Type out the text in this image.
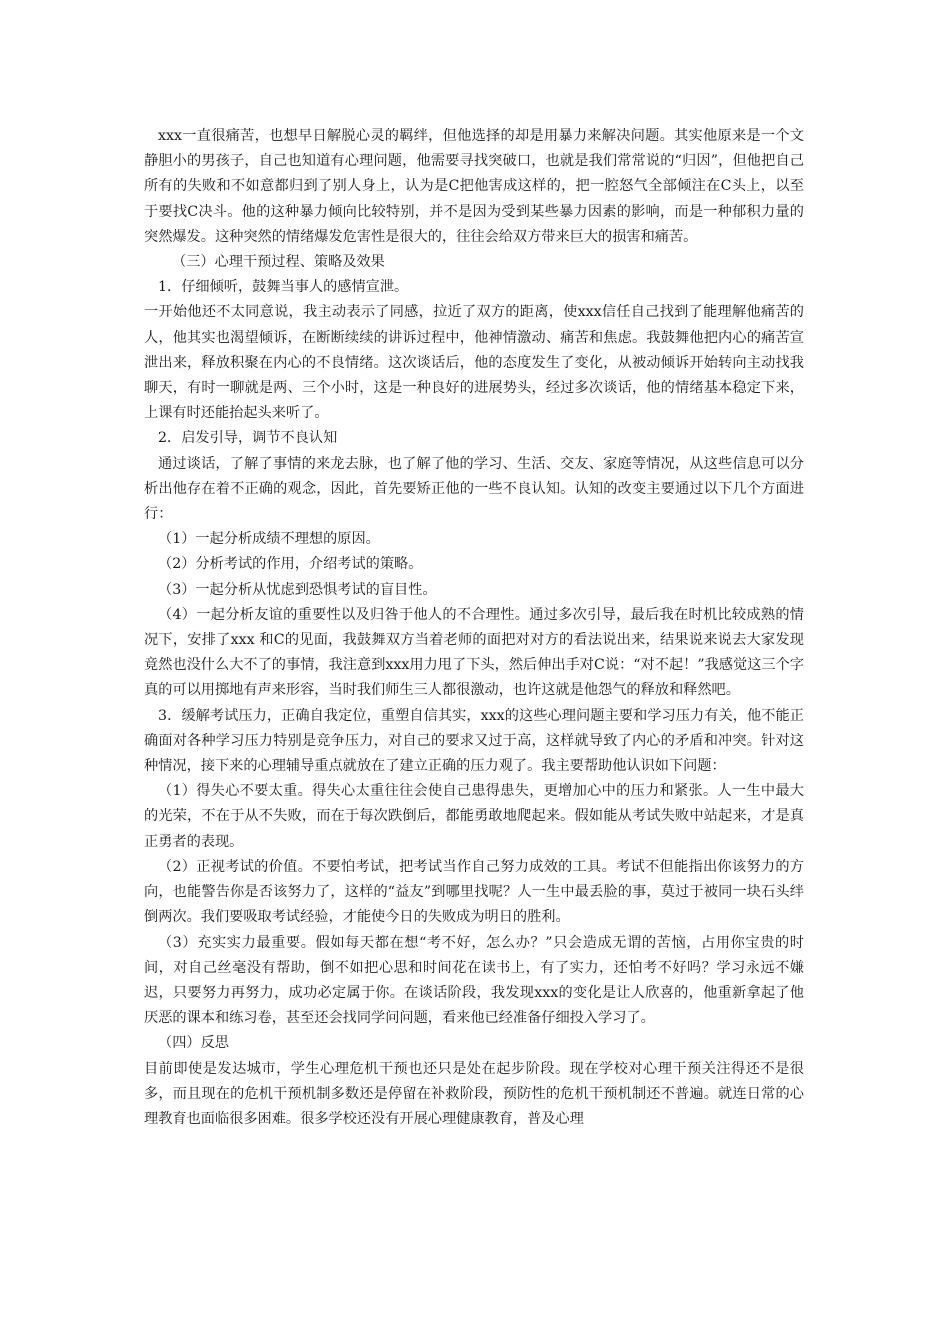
xxx一直很痛苦，也想早日解脱心灵的羁绊，但他选择的却是用暴力来解决问题。其实他原来是一个文静胆小的男孩子，自己也知道有心理问题，他需要寻找突破口，也就是我们常常说的“归因”，但他把自己所有的失败和不如意都归到了别人身上，认为是C把他害成这样的，把一腔怒气全部倾注在C头上，以至于要找C决斗。他的这种暴力倾向比较特别，并不是因为受到某些暴力因素的影响，而是一种郁积力量的突然爆发。这种突然的情绪爆发危害性是很大的，往往会给双方带来巨大的损害和痛苦。

（三）心理干预过程、策略及效果

1．仔细倾听，鼓舞当事人的感情宣泄。

一开始他还不太同意说，我主动表示了同感，拉近了双方的距离，使xxx信任自己找到了能理解他痛苦的人，他其实也渴望倾诉，在断断续续的讲诉过程中，他神情激动、痛苦和焦虑。我鼓舞他把内心的痛苦宣泄出来，释放积聚在内心的不良情绪。这次谈话后，他的态度发生了变化，从被动倾诉开始转向主动找我聊天，有时一聊就是两、三个小时，这是一种良好的进展势头，经过多次谈话，他的情绪基本稳定下来，上课有时还能抬起头来听了。

2．启发引导，调节不良认知

通过谈话，了解了事情的来龙去脉，也了解了他的学习、生活、交友、家庭等情况，从这些信息可以分析出他存在着不正确的观念，因此，首先要矫正他的一些不良认知。认知的改变主要通过以下几个方面进行：

（1）一起分析成绩不理想的原因。

（2）分析考试的作用，介绍考试的策略。

（3）一起分析从忧虑到恐惧考试的盲目性。

（4）一起分析友谊的重要性以及归咎于他人的不合理性。通过多次引导，最后我在时机比较成熟的情况下，安排了xxx 和C的见面，我鼓舞双方当着老师的面把对对方的看法说出来，结果说来说去大家发现竟然也没什么大不了的事情，我注意到xxx用力甩了下头，然后伸出手对C说：“对不起！”我感觉这三个字真的可以用掷地有声来形容，当时我们师生三人都很激动，也许这就是他怨气的释放和释然吧。

3．缓解考试压力，正确自我定位，重塑自信其实，xxx的这些心理问题主要和学习压力有关，他不能正确面对各种学习压力特别是竞争压力，对自己的要求又过于高，这样就导致了内心的矛盾和冲突。针对这种情况，接下来的心理辅导重点就放在了建立正确的压力观了。我主要帮助他认识如下问题：

（1）得失心不要太重。得失心太重往往会使自己患得患失，更增加心中的压力和紧张。人一生中最大的光荣，不在于从不失败，而在于每次跌倒后，都能勇敢地爬起来。假如能从考试失败中站起来，才是真正勇者的表现。

（2）正视考试的价值。不要怕考试，把考试当作自己努力成效的工具。考试不但能指出你该努力的方向，也能警告你是否该努力了，这样的“益友”到哪里找呢？人一生中最丢脸的事，莫过于被同一块石头绊倒两次。我们要吸取考试经验，才能使今日的失败成为明日的胜利。

（3）充实实力最重要。假如每天都在想“考不好，怎么办？”只会造成无谓的苦恼，占用你宝贵的时间，对自己丝毫没有帮助，倒不如把心思和时间花在读书上，有了实力，还怕考不好吗？学习永远不嫌迟，只要努力再努力，成功必定属于你。在谈话阶段，我发现xxx的变化是让人欣喜的，他重新拿起了他厌恶的课本和练习卷，甚至还会找同学问问题，看来他已经准备仔细投入学习了。

（四）反思

目前即使是发达城市，学生心理危机干预也还只是处在起步阶段。现在学校对心理干预关注得还不是很多，而且现在的危机干预机制多数还是停留在补救阶段，预防性的危机干预机制还不普遍。就连日常的心理教育也面临很多困难。很多学校还没有开展心理健康教育，普及心理
